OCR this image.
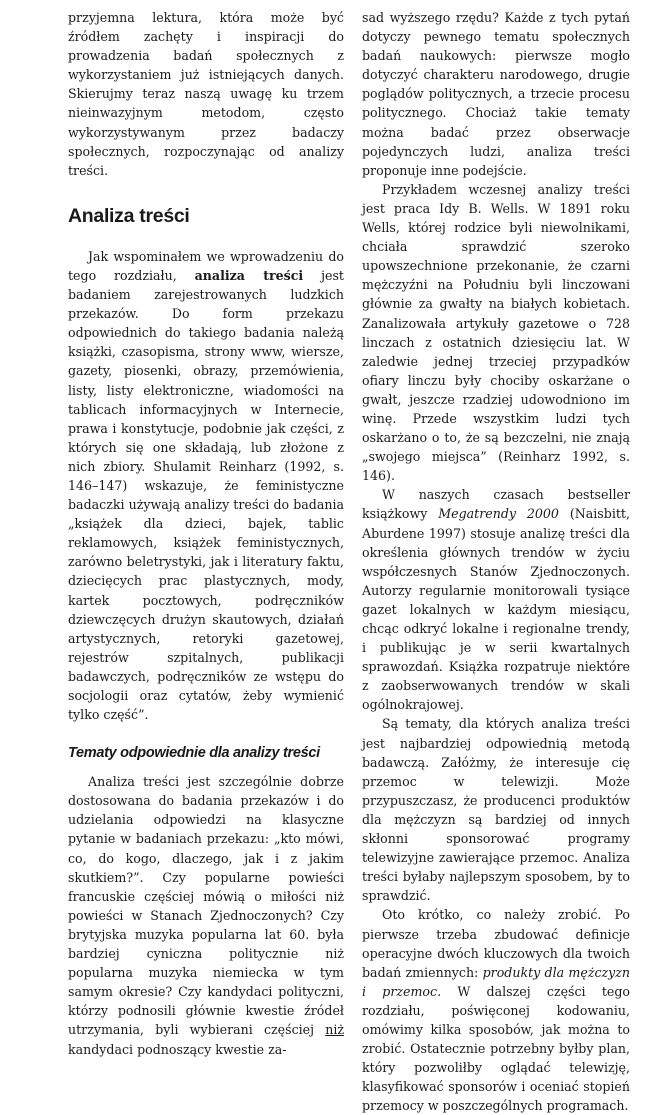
przyjemna lektura, która może być źródłem zachęty i inspiracji do prowadzenia badań społecznych z wykorzystaniem już istniejących danych. Skierujmy teraz naszą uwagę ku trzem nieinwazyjnym metodom, często wykorzystywanym przez badaczy społecznych, rozpoczynając od analizy treści.

Analiza treści

Jak wspominałem we wprowadzeniu do tego rozdziału, analiza treści jest badaniem zarejestrowanych ludzkich przekazów. Do form przekazu odpowiednich do takiego badania należą książki, czasopisma, strony www, wiersze, gazety, piosenki, obrazy, przemówienia, listy, listy elektroniczne, wiadomości na tablicach informacyjnych w Internecie, prawa i konstytucje, podobnie jak części, z których się one składają, lub złożone z nich zbiory. Shulamit Reinharz (1992, s. 146–147) wskazuje, że feministyczne badaczki używają analizy treści do badania „książek dla dzieci, bajek, tablic reklamowych, książek feministycznych, zarówno beletrystyki, jak i literatury faktu, dziecięcych prac plastycznych, mody, kartek pocztowych, podręczników dziewczęcych drużyn skautowych, działań artystycznych, retoryki gazetowej, rejestrów szpitalnych, publikacji badawczych, podręczników ze wstępu do socjologii oraz cytatów, żeby wymienić tylko część”.

Tematy odpowiednie dla analizy treści

Analiza treści jest szczególnie dobrze dostosowana do badania przekazów i do udzielania odpowiedzi na klasyczne pytanie w badaniach przekazu: „kto mówi, co, do kogo, dlaczego, jak i z jakim skutkiem?”. Czy popularne powieści francuskie częściej mówią o miłości niż powieści w Stanach Zjednoczonych? Czy brytyjska muzyka popularna lat 60. była bardziej cyniczna politycznie niż popularna muzyka niemiecka w tym samym okresie? Czy kandydaci polityczni, którzy podnosili głównie kwestie źródeł utrzymania, byli wybierani częściej niż kandydaci podnoszący kwestie za-

sad wyższego rzędu? Każde z tych pytań dotyczy pewnego tematu społecznych badań naukowych: pierwsze mogło dotyczyć charakteru narodowego, drugie poglądów politycznych, a trzecie procesu politycznego. Chociaż takie tematy można badać przez obserwacje pojedynczych ludzi, analiza treści proponuje inne podejście.

Przykładem wczesnej analizy treści jest praca Idy B. Wells. W 1891 roku Wells, której rodzice byli niewolnikami, chciała sprawdzić szeroko upowszechnione przekonanie, że czarni mężczyźni na Południu byli linczowani głównie za gwałty na białych kobietach. Zanalizowała artykuły gazetowe o 728 linczach z ostatnich dziesięciu lat. W zaledwie jednej trzeciej przypadków ofiary linczu były chociby oskarżane o gwałt, jeszcze rzadziej udowodniono im winę. Przede wszystkim ludzi tych oskarżano o to, że są bezczelni, nie znają „swojego miejsca” (Reinharz 1992, s. 146).

W naszych czasach bestseller książkowy Megatrendy 2000 (Naisbitt, Aburdene 1997) stosuje analizę treści dla określenia głównych trendów w życiu współczesnych Stanów Zjednoczonych. Autorzy regularnie monitorowali tysiące gazet lokalnych w każdym miesiącu, chcąc odkryć lokalne i regionalne trendy, i publikując je w serii kwartalnych sprawozdań. Książka rozpatruje niektóre z zaobserwowanych trendów w skali ogólnokrajowej.

Są tematy, dla których analiza treści jest najbardziej odpowiednią metodą badawczą. Załóżmy, że interesuje cię przemoc w telewizji. Może przypuszczasz, że producenci produktów dla mężczyzn są bardziej od innych skłonni sponsorować programy telewizyjne zawierające przemoc. Analiza treści byłaby najlepszym sposobem, by to sprawdzić.

Oto krótko, co należy zrobić. Po pierwsze trzeba zbudować definicje operacyjne dwóch kluczowych dla twoich badań zmiennych: produkty dla mężczyzn i przemoc. W dalszej części tego rozdziału, poświęconej kodowaniu, omówimy kilka sposobów, jak można to zrobić. Ostatecznie potrzebny byłby plan, który pozwoliłby oglądać telewizję, klasyfikować sponsorów i oceniać stopień przemocy w poszczególnych programach.
